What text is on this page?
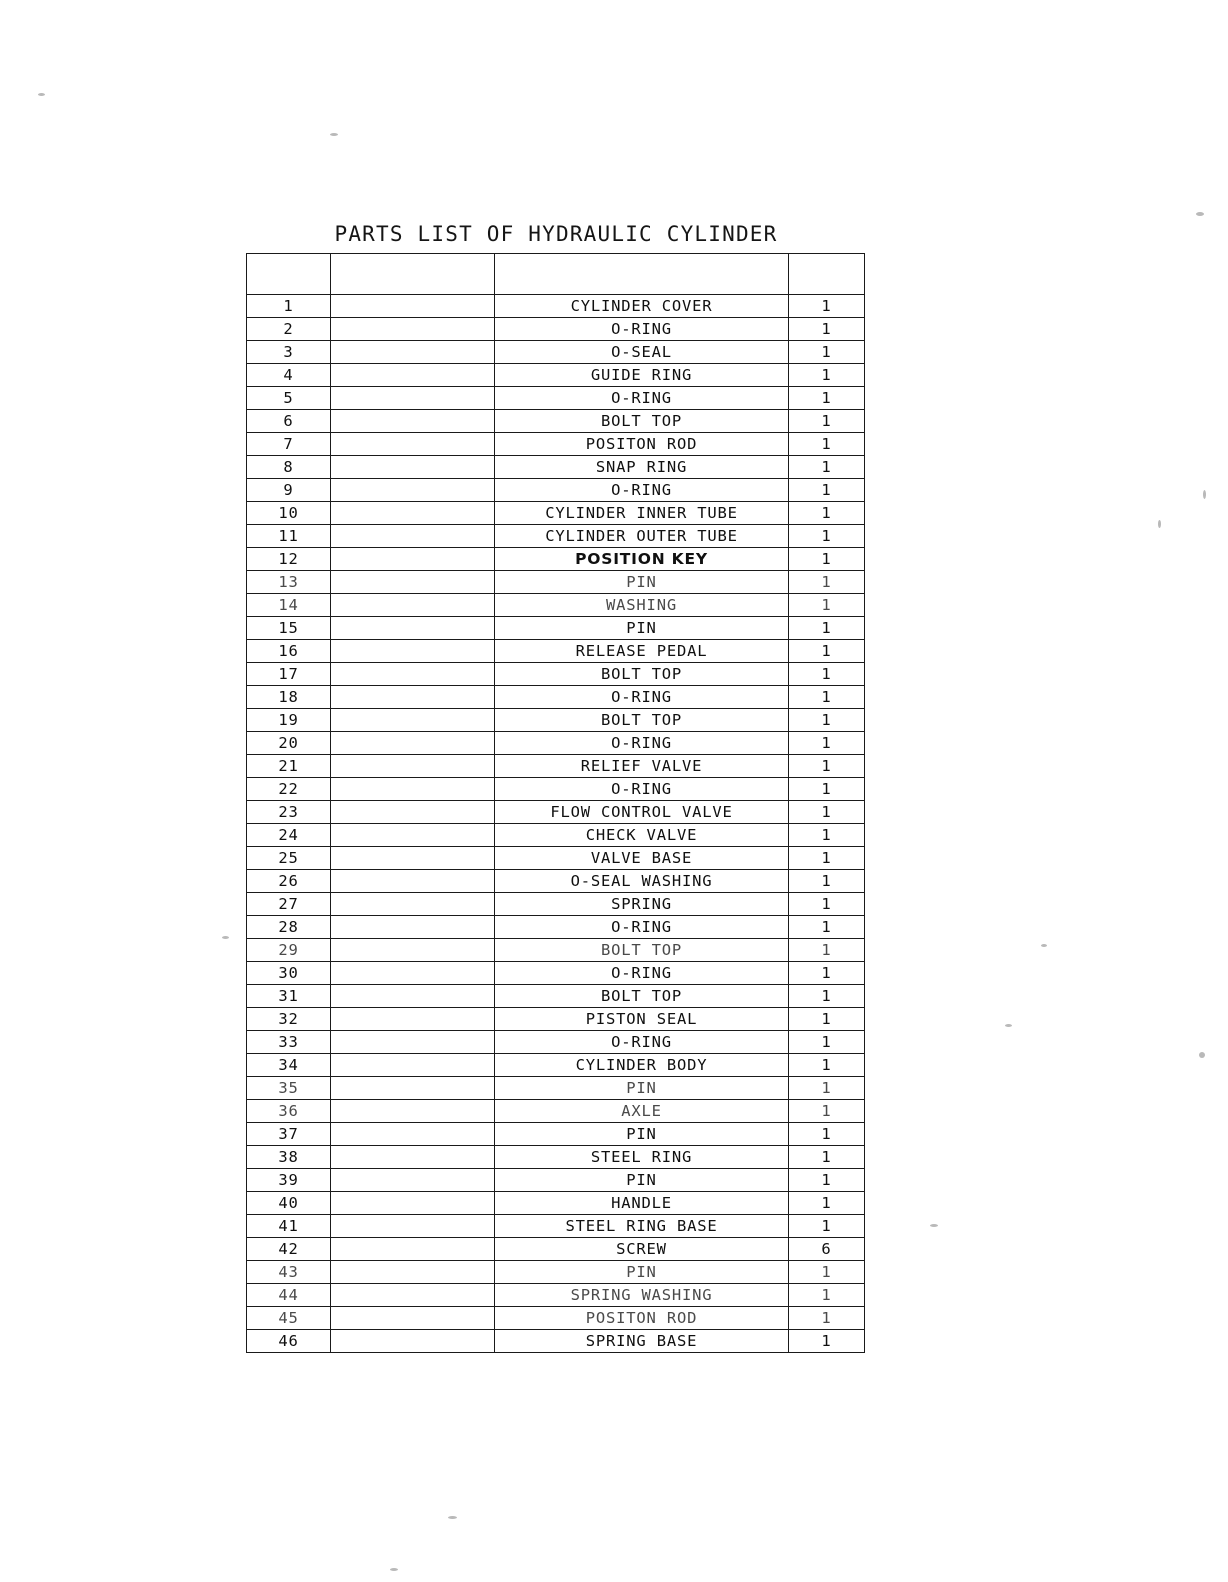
PARTS LIST OF HYDRAULIC CYLINDER

1		CYLINDER COVER	1
2		O-RING	1
3		O-SEAL	1
4		GUIDE RING	1
5		O-RING	1
6		BOLT TOP	1
7		POSITON ROD	1
8		SNAP RING	1
9		O-RING	1
10		CYLINDER INNER TUBE	1
11		CYLINDER OUTER TUBE	1
12		POSITION KEY	1
13		PIN	1
14		WASHING	1
15		PIN	1
16		RELEASE PEDAL	1
17		BOLT TOP	1
18		O-RING	1
19		BOLT TOP	1
20		O-RING	1
21		RELIEF VALVE	1
22		O-RING	1
23		FLOW CONTROL VALVE	1
24		CHECK VALVE	1
25		VALVE BASE	1
26		O-SEAL WASHING	1
27		SPRING	1
28		O-RING	1
29		BOLT TOP	1
30		O-RING	1
31		BOLT TOP	1
32		PISTON SEAL	1
33		O-RING	1
34		CYLINDER BODY	1
35		PIN	1
36		AXLE	1
37		PIN	1
38		STEEL RING	1
39		PIN	1
40		HANDLE	1
41		STEEL RING BASE	1
42		SCREW	6
43		PIN	1
44		SPRING WASHING	1
45		POSITON ROD	1
46		SPRING BASE	1
